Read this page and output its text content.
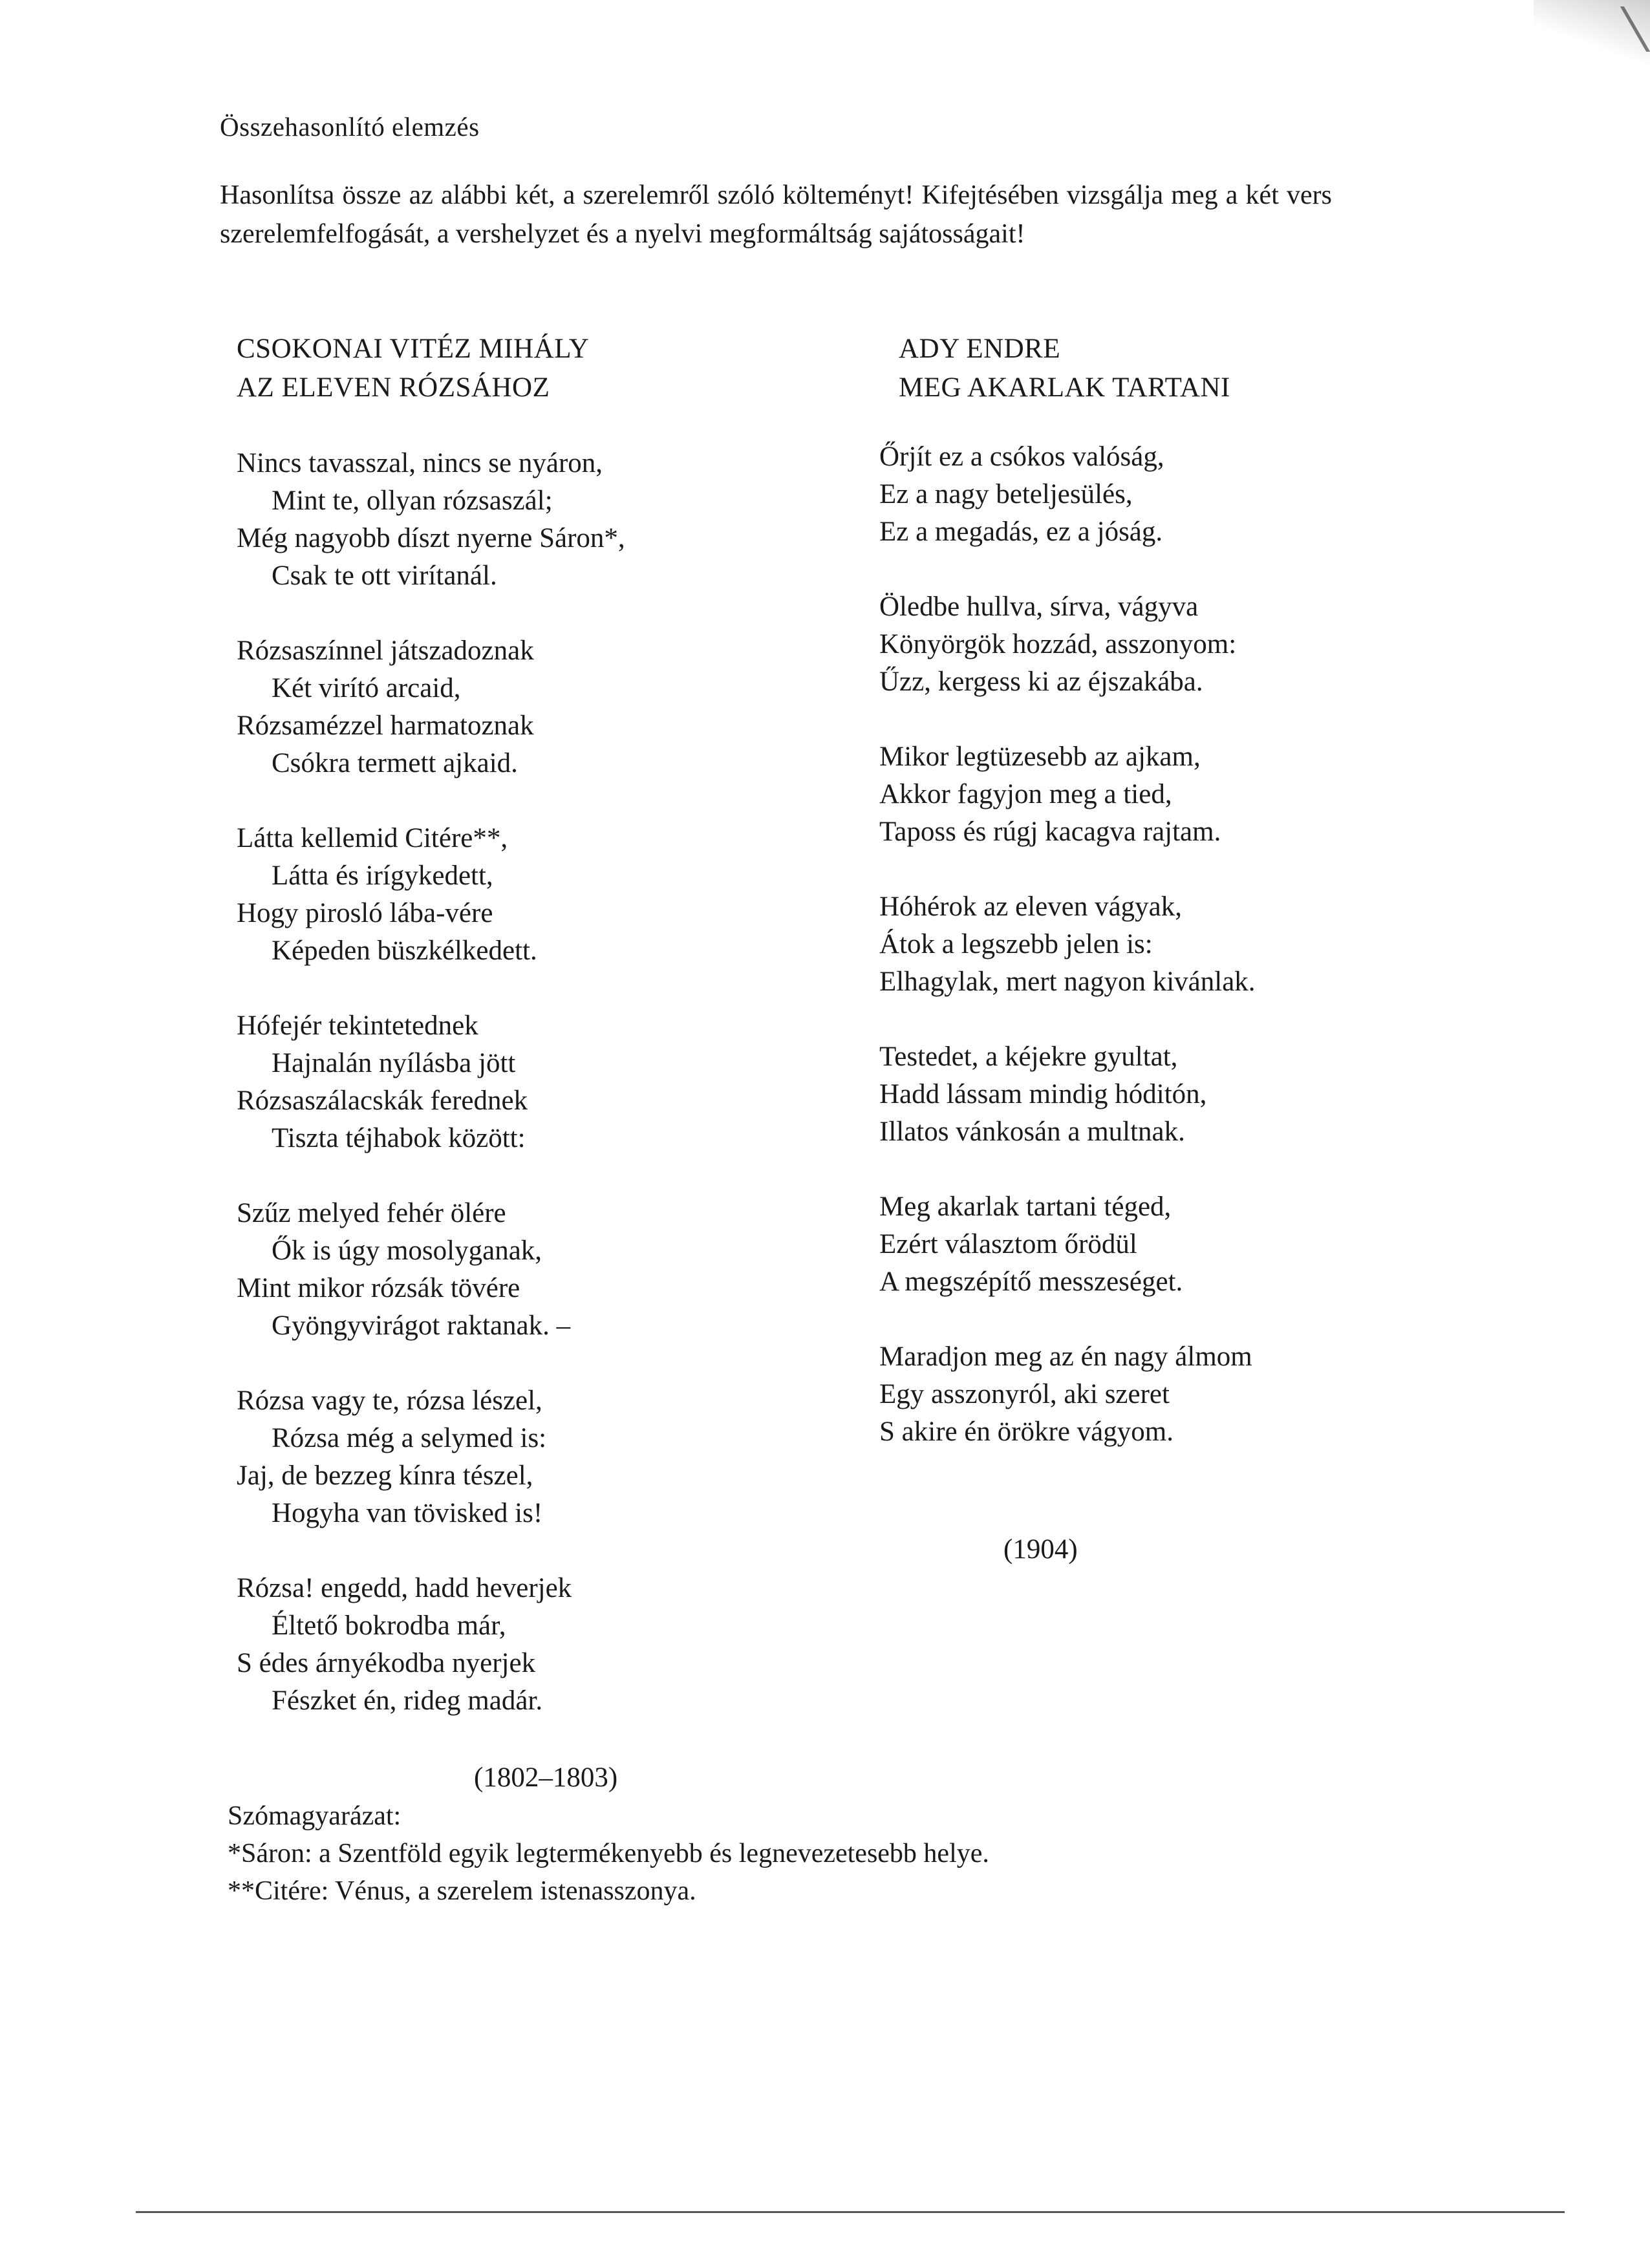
Összehasonlító elemzés
Hasonlítsa össze az alábbi két, a szerelemről szóló költeményt! Kifejtésében vizsgálja meg a két vers szerelemfelfogását, a vershelyzet és a nyelvi megformáltság sajátosságait!
CSOKONAI VITÉZ MIHÁLY
AZ ELEVEN RÓZSÁHOZ
ADY ENDRE
MEG AKARLAK TARTANI
Nincs tavasszal, nincs se nyáron,
Mint te, ollyan rózsaszál;
Még nagyobb díszt nyerne Sáron*,
Csak te ott virítanál.
Rózsaszínnel játszadoznak
Két virító arcaid,
Rózsamézzel harmatoznak
Csókra termett ajkaid.
Látta kellemid Citére**,
Látta és irígykedett,
Hogy pirosló lába-vére
Képeden büszkélkedett.
Hófejér tekintetednek
Hajnalán nyílásba jött
Rózsaszálacskák ferednek
Tiszta téjhabok között:
Szűz melyed fehér ölére
Ők is úgy mosolyganak,
Mint mikor rózsák tövére
Gyöngyvirágot raktanak. –
Rózsa vagy te, rózsa lészel,
Rózsa még a selymed is:
Jaj, de bezzeg kínra tészel,
Hogyha van tövisked is!
Rózsa! engedd, hadd heverjek
Éltető bokrodba már,
S édes árnyékodba nyerjek
Fészket én, rideg madár.
Őrjít ez a csókos valóság,
Ez a nagy beteljesülés,
Ez a megadás, ez a jóság.
Öledbe hullva, sírva, vágyva
Könyörgök hozzád, asszonyom:
Űzz, kergess ki az éjszakába.
Mikor legtüzesebb az ajkam,
Akkor fagyjon meg a tied,
Taposs és rúgj kacagva rajtam.
Hóhérok az eleven vágyak,
Átok a legszebb jelen is:
Elhagylak, mert nagyon kivánlak.
Testedet, a kéjekre gyultat,
Hadd lássam mindig hóditón,
Illatos vánkosán a multnak.
Meg akarlak tartani téged,
Ezért választom őrödül
A megszépítő messzeséget.
Maradjon meg az én nagy álmom
Egy asszonyról, aki szeret
S akire én örökre vágyom.
(1904)
(1802–1803)
Szómagyarázat:
*Sáron: a Szentföld egyik legtermékenyebb és legnevezetesebb helye.
**Citére: Vénus, a szerelem istenasszonya.
